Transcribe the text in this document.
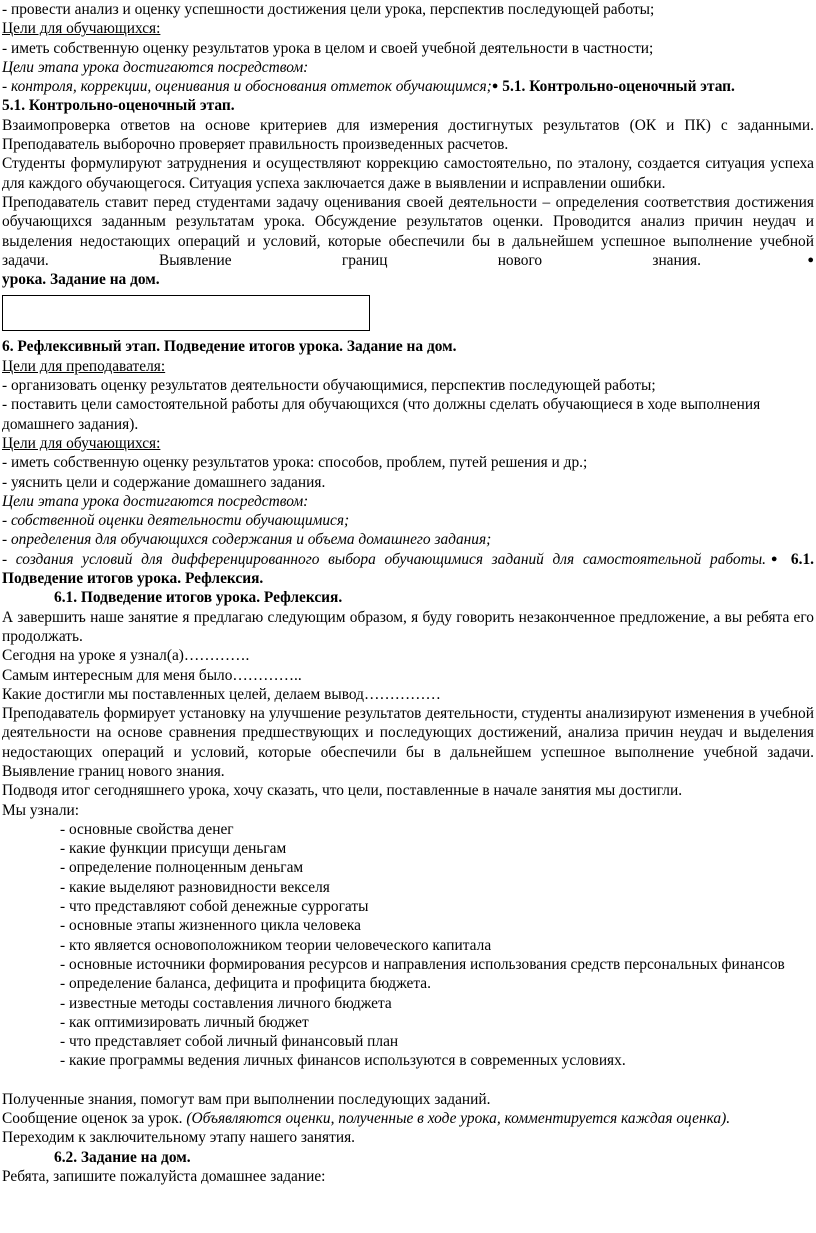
- провести анализ и оценку успешности достижения цели урока, перспектив последующей работы;

Цели для обучающихся:

- иметь собственную оценку результатов урока в целом и своей учебной деятельности в частности;

Цели этапа урока достигаются посредством:

- контроля, коррекции, оценивания и обоснования отметок обучающимся;● 5.1. Контрольно-оценочный этап.

5.1. Контрольно-оценочный этап.

Взаимопроверка ответов на основе критериев для измерения достигнутых результатов (ОК и ПК) с заданными. Преподаватель выборочно проверяет правильность произведенных расчетов.

Студенты формулируют затруднения и осуществляют коррекцию самостоятельно, по эталону, создается ситуация успеха для каждого обучающегося. Ситуация успеха заключается даже в выявлении и исправлении ошибки.

Преподаватель ставит перед студентами задачу оценивания своей деятельности – определения соответствия достижения обучающихся заданным результатам урока. Обсуждение результатов оценки. Проводится анализ причин неудач и выделения недостающих операций и условий, которые обеспечили бы в дальнейшем успешное выполнение учебной задачи. Выявление границ нового знания.●

урока. Задание на дом.

6. Рефлексивный этап. Подведение итогов урока. Задание на дом.

Цели для преподавателя:

- организовать оценку результатов деятельности обучающимися, перспектив последующей работы;

- поставить цели самостоятельной работы для обучающихся (что должны сделать обучающиеся в ходе выполнения домашнего задания).

Цели для обучающихся:

- иметь собственную оценку результатов урока: способов, проблем, путей решения и др.;

- уяснить цели и содержание домашнего задания.

Цели этапа урока достигаются посредством:

- собственной оценки деятельности обучающимися;

- определения для обучающихся содержания и объема домашнего задания;

- создания условий для дифференцированного выбора обучающимися заданий для самостоятельной работы.● 6.1. Подведение итогов урока. Рефлексия.

6.1. Подведение итогов урока. Рефлексия.

А завершить наше занятие я предлагаю следующим образом, я буду говорить незаконченное предложение, а вы ребята его продолжать.

Сегодня на уроке я узнал(а)………….

Самым интересным для меня было…………..

Какие достигли мы поставленных целей, делаем вывод……………

Преподаватель формирует установку на улучшение результатов деятельности, студенты анализируют изменения в учебной деятельности на основе сравнения предшествующих и последующих достижений, анализа причин неудач и выделения недостающих операций и условий, которые обеспечили бы в дальнейшем успешное выполнение учебной задачи. Выявление границ нового знания.

Подводя итог сегодняшнего урока, хочу сказать, что цели, поставленные в начале занятия мы достигли.

Мы узнали:

- основные свойства денег

- какие функции присущи деньгам

- определение полноценным деньгам

- какие выделяют разновидности векселя

- что представляют собой денежные суррогаты

- основные этапы жизненного цикла человека

- кто является основоположником теории человеческого капитала

- основные источники формирования ресурсов и направления использования средств персональных финансов

- определение баланса, дефицита и профицита бюджета.

- известные методы составления личного бюджета

- как оптимизировать личный бюджет

- что представляет собой личный финансовый план

- какие программы ведения личных финансов используются в современных условиях.

Полученные знания, помогут вам при выполнении последующих заданий.

Сообщение оценок за урок. (Объявляются оценки, полученные в ходе урока, комментируется каждая оценка).

Переходим к заключительному этапу нашего занятия.

6.2. Задание на дом.

Ребята, запишите пожалуйста домашнее задание:
